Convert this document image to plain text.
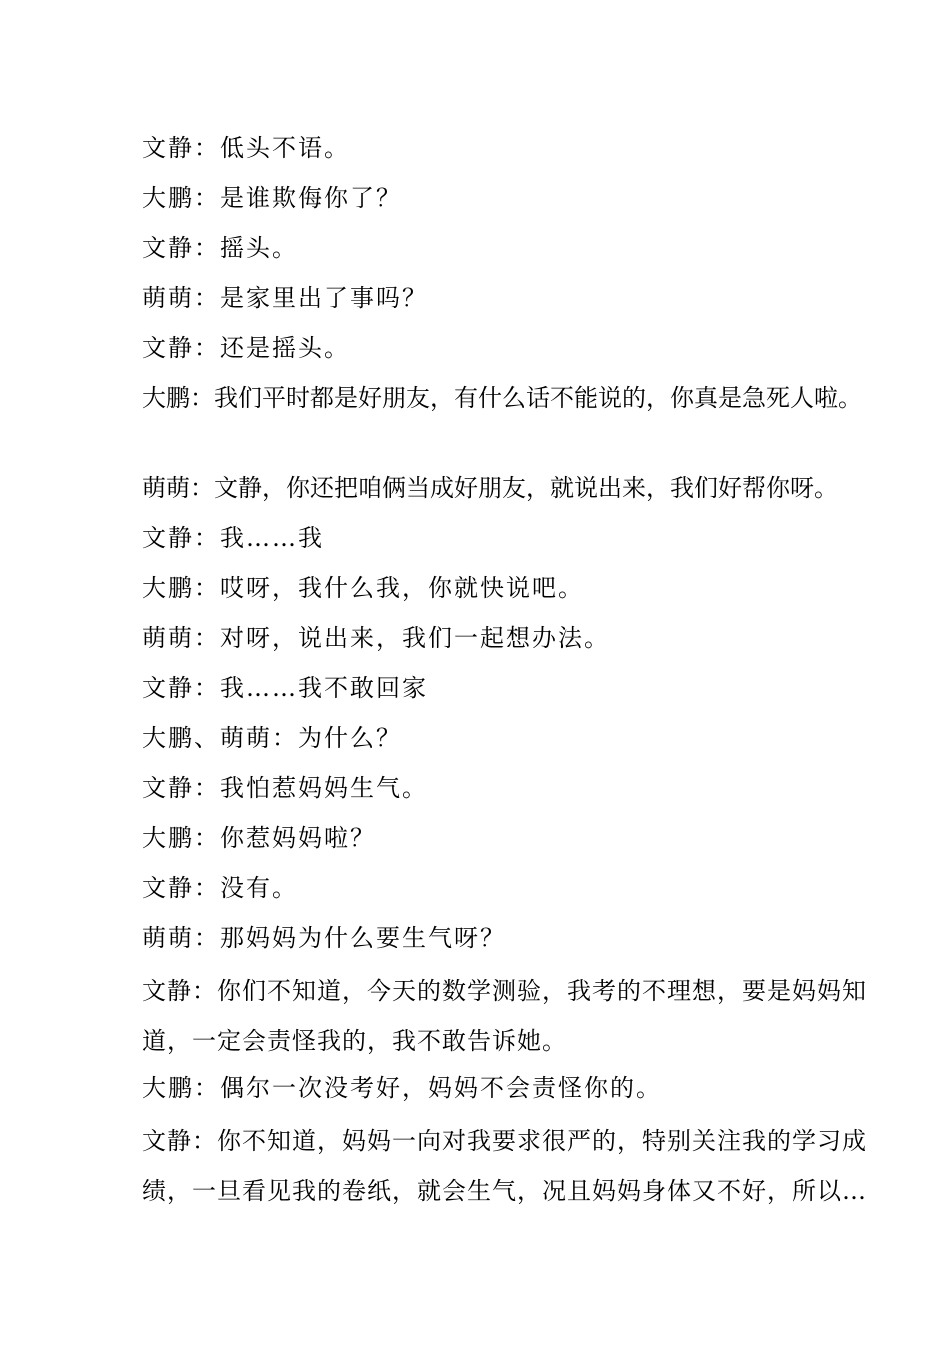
文静：低头不语。
大鹏：是谁欺侮你了？
文静：摇头。
萌萌：是家里出了事吗？
文静：还是摇头。
大鹏：我们平时都是好朋友，有什么话不能说的，你真是急死人啦。
萌萌：文静，你还把咱俩当成好朋友，就说出来，我们好帮你呀。
文静：我……我
大鹏：哎呀，我什么我，你就快说吧。
萌萌：对呀，说出来，我们一起想办法。
文静：我……我不敢回家
大鹏、萌萌：为什么？
文静：我怕惹妈妈生气。
大鹏：你惹妈妈啦？
文静：没有。
萌萌：那妈妈为什么要生气呀？
文静：你们不知道，今天的数学测验，我考的不理想，要是妈妈知道，一定会责怪我的，我不敢告诉她。
大鹏：偶尔一次没考好，妈妈不会责怪你的。
文静：你不知道，妈妈一向对我要求很严的，特别关注我的学习成绩，一旦看见我的卷纸，就会生气，况且妈妈身体又不好，所以…
